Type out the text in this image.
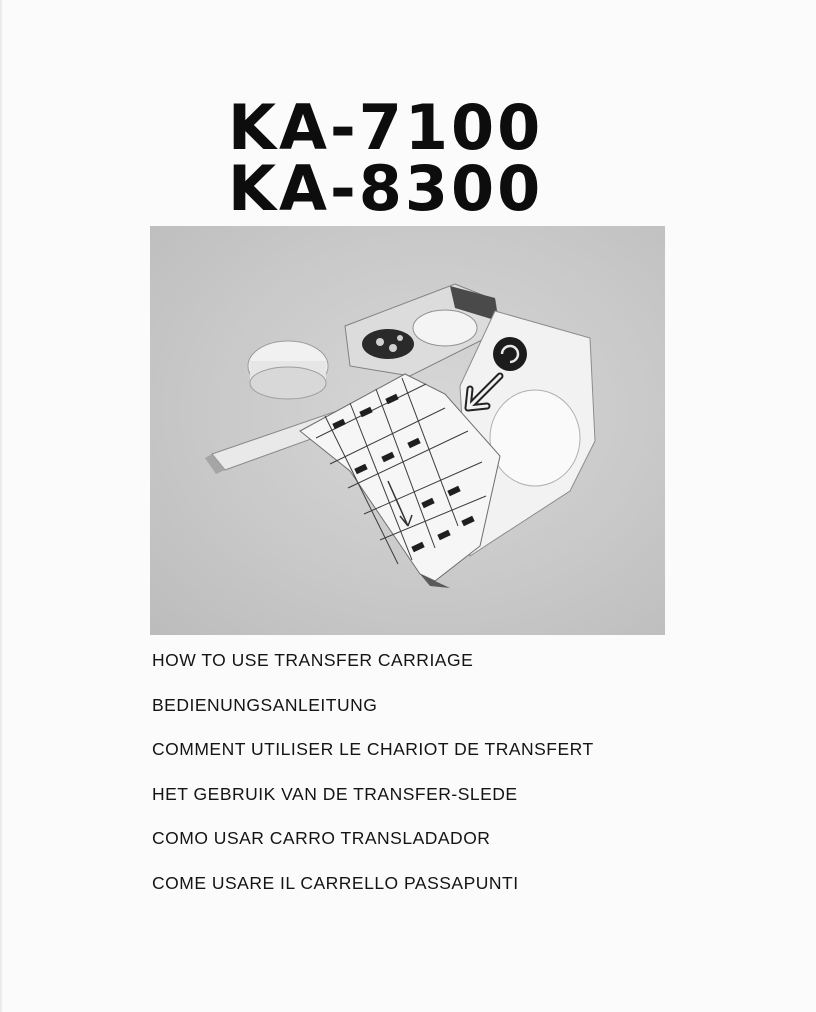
KA-7100
KA-8300
HOW TO USE TRANSFER CARRIAGE
BEDIENUNGSANLEITUNG
COMMENT UTILISER LE CHARIOT DE TRANSFERT
HET GEBRUIK VAN DE TRANSFER-SLEDE
COMO USAR CARRO TRANSLADADOR
COME USARE IL CARRELLO PASSAPUNTI
